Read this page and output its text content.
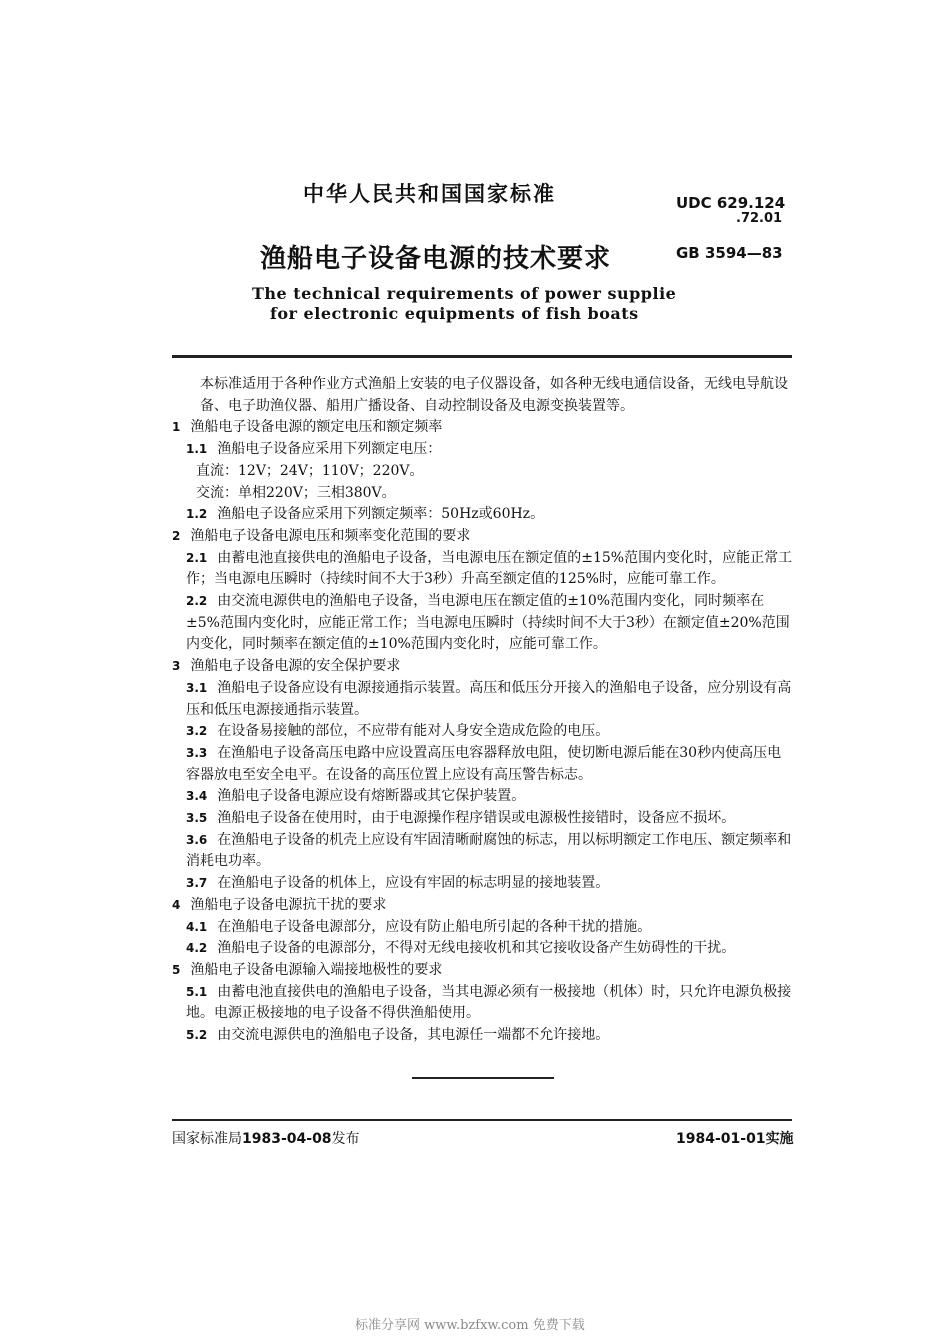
中华人民共和国国家标准	UDC 629.124
.72.01
渔船电子设备电源的技术要求	GB 3594—83
The technical requirements of power supplie
for electronic equipments of fish boats

本标准适用于各种作业方式渔船上安装的电子仪器设备，如各种无线电通信设备，无线电导航设备、电子助渔仪器、船用广播设备、自动控制设备及电源变换装置等。

1 渔船电子设备电源的额定电压和额定频率

1.1 渔船电子设备应采用下列额定电压：

直流：12V；24V；110V；220V。

交流：单相220V；三相380V。

1.2 渔船电子设备应采用下列额定频率：50Hz或60Hz。

2 渔船电子设备电源电压和频率变化范围的要求

2.1 由蓄电池直接供电的渔船电子设备，当电源电压在额定值的±15%范围内变化时，应能正常工作；当电源电压瞬时（持续时间不大于3秒）升高至额定值的125%时，应能可靠工作。

2.2 由交流电源供电的渔船电子设备，当电源电压在额定值的±10%范围内变化，同时频率在±5%范围内变化时，应能正常工作；当电源电压瞬时（持续时间不大于3秒）在额定值±20%范围内变化，同时频率在额定值的±10%范围内变化时，应能可靠工作。

3 渔船电子设备电源的安全保护要求

3.1 渔船电子设备应设有电源接通指示装置。高压和低压分开接入的渔船电子设备，应分别设有高压和低压电源接通指示装置。

3.2 在设备易接触的部位，不应带有能对人身安全造成危险的电压。

3.3 在渔船电子设备高压电路中应设置高压电容器释放电阻，使切断电源后能在30秒内使高压电容器放电至安全电平。在设备的高压位置上应设有高压警告标志。

3.4 渔船电子设备电源应设有熔断器或其它保护装置。

3.5 渔船电子设备在使用时，由于电源操作程序错误或电源极性接错时，设备应不损坏。

3.6 在渔船电子设备的机壳上应设有牢固清晰耐腐蚀的标志，用以标明额定工作电压、额定频率和消耗电功率。

3.7 在渔船电子设备的机体上，应设有牢固的标志明显的接地装置。

4 渔船电子设备电源抗干扰的要求

4.1 在渔船电子设备电源部分，应设有防止船电所引起的各种干扰的措施。

4.2 渔船电子设备的电源部分，不得对无线电接收机和其它接收设备产生妨碍性的干扰。

5 渔船电子设备电源输入端接地极性的要求

5.1 由蓄电池直接供电的渔船电子设备，当其电源必须有一极接地（机体）时，只允许电源负极接地。电源正极接地的电子设备不得供渔船使用。

5.2 由交流电源供电的渔船电子设备，其电源任一端都不允许接地。

国家标准局1983-04-08发布	1984-01-01实施
标准分享网 www.bzfxw.com 免费下载
